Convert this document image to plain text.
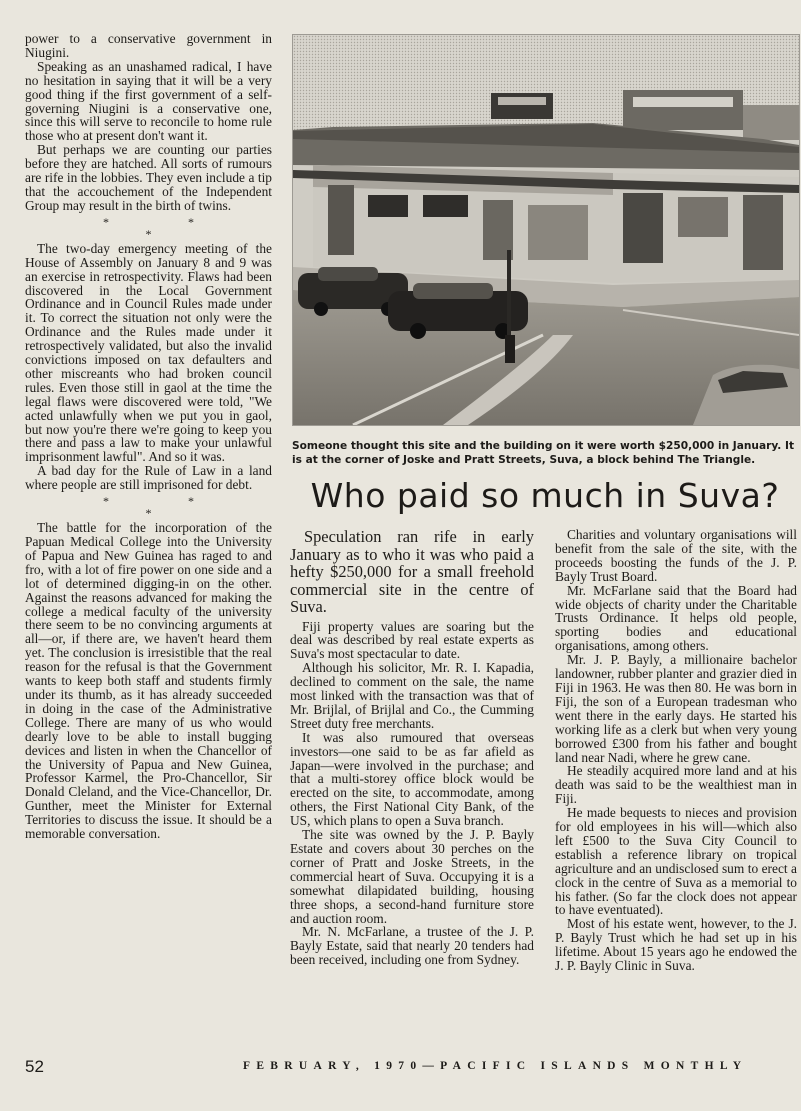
power to a conservative government in Niugini.

Speaking as an unashamed radical, I have no hesitation in saying that it will be a very good thing if the first government of a self-governing Niugini is a conservative one, since this will serve to reconcile to home rule those who at present don't want it.

But perhaps we are counting our parties before they are hatched. All sorts of rumours are rife in the lobbies. They even include a tip that the accouchement of the Independent Group may result in the birth of twins.

* * *

The two-day emergency meeting of the House of Assembly on January 8 and 9 was an exercise in retrospectivity. Flaws had been discovered in the Local Government Ordinance and in Council Rules made under it. To correct the situation not only were the Ordinance and the Rules made under it retrospectively validated, but also the invalid convictions imposed on tax defaulters and other miscreants who had broken council rules. Even those still in gaol at the time the legal flaws were discovered were told, "We acted unlawfully when we put you in gaol, but now you're there we're going to keep you there and pass a law to make your unlawful imprisonment lawful". And so it was.

A bad day for the Rule of Law in a land where people are still imprisoned for debt.

* * *

The battle for the incorporation of the Papuan Medical College into the University of Papua and New Guinea has raged to and fro, with a lot of fire power on one side and a lot of determined digging-in on the other. Against the reasons advanced for making the college a medical faculty of the university there seem to be no convincing arguments at all—or, if there are, we haven't heard them yet. The conclusion is irresistible that the real reason for the refusal is that the Government wants to keep both staff and students firmly under its thumb, as it has already succeeded in doing in the case of the Administrative College. There are many of us who would dearly love to be able to install bugging devices and listen in when the Chancellor of the University of Papua and New Guinea, Professor Karmel, the Pro-Chancellor, Sir Donald Cleland, and the Vice-Chancellor, Dr. Gunther, meet the Minister for External Territories to discuss the issue. It should be a memorable conversation.

Someone thought this site and the building on it were worth $250,000 in January. It is at the corner of Joske and Pratt Streets, Suva, a block behind The Triangle.
Who paid so much in Suva?

Speculation ran rife in early January as to who it was who paid a hefty $250,000 for a small freehold commercial site in the centre of Suva.

Fiji property values are soaring but the deal was described by real estate experts as Suva's most spectacular to date.

Although his solicitor, Mr. R. I. Kapadia, declined to comment on the sale, the name most linked with the transaction was that of Mr. Brijlal, of Brijlal and Co., the Cumming Street duty free merchants.

It was also rumoured that overseas investors—one said to be as far afield as Japan—were involved in the purchase; and that a multi-storey office block would be erected on the site, to accommodate, among others, the First National City Bank, of the US, which plans to open a Suva branch.

The site was owned by the J. P. Bayly Estate and covers about 30 perches on the corner of Pratt and Joske Streets, in the commercial heart of Suva. Occupying it is a somewhat dilapidated building, housing three shops, a second-hand furniture store and auction room.

Mr. N. McFarlane, a trustee of the J. P. Bayly Estate, said that nearly 20 tenders had been received, including one from Sydney.

Charities and voluntary organisations will benefit from the sale of the site, with the proceeds boosting the funds of the J. P. Bayly Trust Board.

Mr. McFarlane said that the Board had wide objects of charity under the Charitable Trusts Ordinance. It helps old people, sporting bodies and educational organisations, among others.

Mr. J. P. Bayly, a millionaire bachelor landowner, rubber planter and grazier died in Fiji in 1963. He was then 80. He was born in Fiji, the son of a European tradesman who went there in the early days. He started his working life as a clerk but when very young borrowed £300 from his father and bought land near Nadi, where he grew cane.

He steadily acquired more land and at his death was said to be the wealthiest man in Fiji.

He made bequests to nieces and provision for old employees in his will—which also left £500 to the Suva City Council to establish a reference library on tropical agriculture and an undisclosed sum to erect a clock in the centre of Suva as a memorial to his father. (So far the clock does not appear to have eventuated).

Most of his estate went, however, to the J. P. Bayly Trust which he had set up in his lifetime. About 15 years ago he endowed the J. P. Bayly Clinic in Suva.

52	FEBRUARY, 1970—PACIFIC ISLANDS MONTHLY
